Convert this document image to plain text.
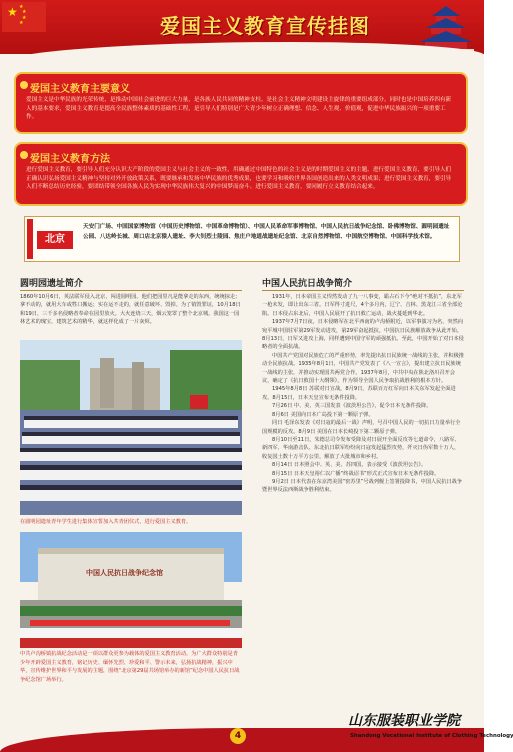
★ ★
★
★
★	爱国主义教育宣传挂图
爱国主义教育主要意义
爱国主义是中华民族的光荣传统，是推动中国社会前进的巨大力量，是各族人民共同的精神支柱。是社会主义精神文明建设主旋律的重要组成部分。同时也是中国培养四有新人的基本要求，爱国主义教育是提高全民族整体素质的基础性工程，是引导人们特别是广大青少年树立正确理想、信念、人生观、价值观，促进中华民族振兴的一项重要工作。
爱国主义教育方法
进行爱国主义教育，要引导人们充分认识大产阶段的爱国主义与社会主义的一致性，用确通过中国特色的社会主义是的时期爱国主义的主题。进行爱国主义教育，要引导人们正确认识弘扬爱国主义精神与坚持对外开放政策关系，既要继承和发扬中华民族的优秀成果，也要学习和吸收世界各国创造出来的人类文明成果；进行爱国主义教育，要引导人们不断总结历史经验，要团结带领全国各族人民为实现中华民族伟大复兴的中国梦而奋斗。进行爱国主义教育，要同履行立义教育结合起来。
北京
天安门广场、中国国家博物馆（中国历史博物馆、中国革命博物馆）、中国人民革命军事博物馆、中国人民抗日战争纪念馆、卧佛博物馆、圆明园遗址公园、八达岭长城、周口店北京猿人遗址、李大钊烈士陵园、焦庄户地道战遗址纪念馆、北京自然博物馆、中国航空博物馆、中国科学技术馆。
圆明园遗址简介
1860年10月6日，英法联军侵入北京，闯进圆明园。他们把园里凡是能拿走的东西，统统掠走；拿不动的，就用大车或牲口搬运；实在运不走的，就任意破坏、毁掉。为了销毁罪证，10月18日和19日，三千多名侵略者奉命在园里放火。大火连烧三天，烟云笼罩了整个北京城。我国这一园林艺术的瑰宝，建筑艺术的精华，就这样化成了一片灰烬。
在圆明园遗址青年学生进行集体宣誓加入共青团仪式，进行爱国主义教育。
中国人民抗日战争纪念馆
中共卢沟桥镇抗战纪念活动是一项以群众更参为载体的爱国主义教育活动。为广大群众特别是青少年开辟爱国主义教育，铭记历史、缅怀先烈、珍爱和平、警示未来，弘扬抗战精神，振兴中华，宣传维护世界和平与发展的主题，围绕“北京第29届共场馆举办的新馆”纪念中国人民抗日战争纪念馆广场举行。
中国人民抗日战争简介

1931年，日本帝国主义悍然发动了九一八事变，霸占石下今“绝对不抵抗”，东北军一枪未发，即让出东三省。日军得寸进尺，4个多月内，辽宁、吉林、黑龙江三省全部沦陷。日本侵占东北后，中国人民展开了抗日救亡运动，战火蔓延到华北。

1937年7月7日夜，日本侵略军在北平西南的卢沟桥附近，以军事演习为名，突然向宛平城中国驻军第29军发动进攻，第29军奋起抵抗，中国抗日民族解放战争从此开始。8月13日，日军又进攻上海，同样遭到中国守军的顽强抵抗。至此，中国开始了对日本侵略者的全面抗战。

中国共产党国对民族危亡的严重形势，率先提出抗日民族统一战线的主张，并积极推动全民族抗战。1935年8月1日，中国共产党发表了《八一宣言》，提出建立抗日民族统一战线的主张，并推动实现国共两党合作。1937年8月，中共中央在陕北洛川召开会议，确定了《抗日救国十大纲领》，作为领导全国人民争取抗战胜利的根本方针。

1945年8月8日 苏联对日宣战，8月9日，苏联百万红军向日本关东军发起全面进攻。8月15日，日本天皇宣布无条件投降。

7月26日 中、美、英三国发表《波茨坦公告》，促令日本无条件投降。

8月6日 美国向日本广岛投下第一颗原子弹。

同日 毛泽东发表《对日寇的最后一战》声明，号召中国人民的一切抗日力量举行全国规模的反攻。8月9日 美国在日本长崎投下第二颗原子弹。

8月10日至11日，朱德总司令发布受降及对日展开全面反攻等七道命令，八路军、新四军、华南游击队、东北抗日联军纷纷向日寇发起猛烈攻势，歼灭日伪军数十万人，收复国土数十万平方公里，解放了大批城市和乡村。

8月14日 日本照会中、英、美、苏四国，表示接受《波茨坦公告》。

8月15日 日本天皇裕仁以广播“终战诏书”形式正式宣布日本无条件投降。

9月2日 日本代表在东京湾美国“密苏里”号战列舰上签署投降书，中国人民抗日战争暨世界反法西斯战争胜利结束。

4
山东服装职业学院
Shandong Vocational Institute of Clothing Technology
